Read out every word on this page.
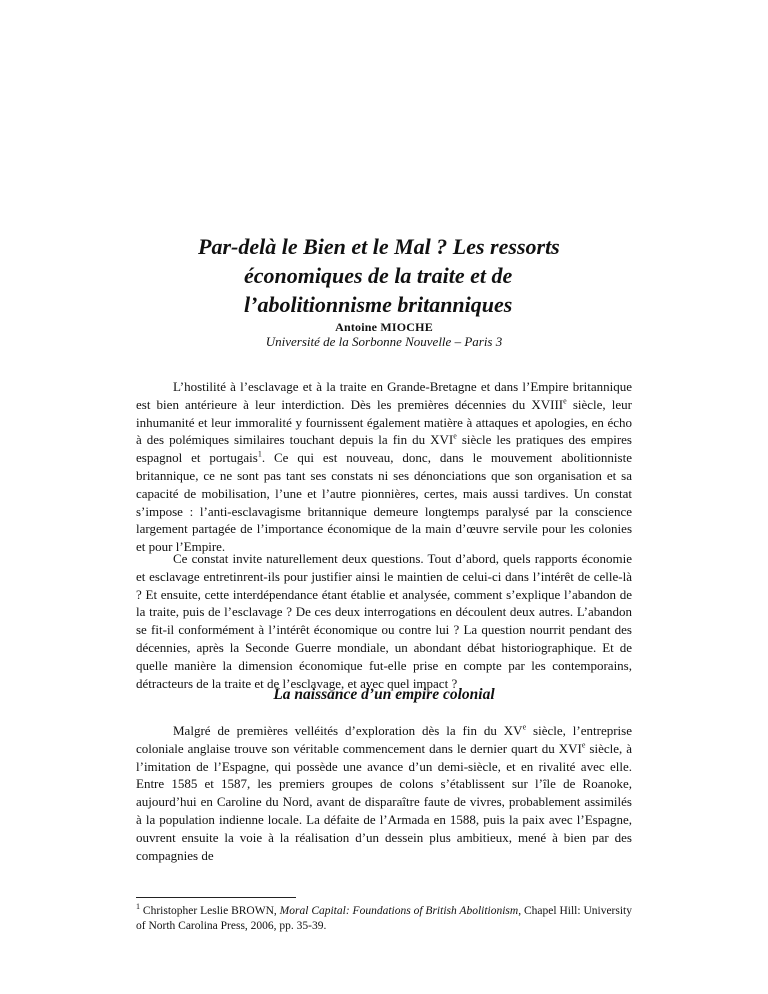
Par-delà le Bien et le Mal ? Les ressorts
économiques de la traite et de
l’abolitionnisme britanniques
Antoine MIOCHE
Université de la Sorbonne Nouvelle – Paris 3

L’hostilité à l’esclavage et à la traite en Grande-Bretagne et dans l’Empire britannique est bien antérieure à leur interdiction. Dès les premières décennies du XVIIIe siècle, leur inhumanité et leur immoralité y fournissent également matière à attaques et apologies, en écho à des polémiques similaires touchant depuis la fin du XVIe siècle les pratiques des empires espagnol et portugais$^1$. Ce qui est nouveau, donc, dans le mouvement abolitionniste britannique, ce ne sont pas tant ses constats ni ses dénonciations que son organisation et sa capacité de mobilisation, l’une et l’autre pionnières, certes, mais aussi tardives. Un constat s’impose : l’anti-esclavagisme britannique demeure longtemps paralysé par la conscience largement partagée de l’importance économique de la main d’œuvre servile pour les colonies et pour l’Empire.

Ce constat invite naturellement deux questions. Tout d’abord, quels rapports économie et esclavage entretinrent-ils pour justifier ainsi le maintien de celui-ci dans l’intérêt de celle-là ? Et ensuite, cette interdépendance étant établie et analysée, comment s’explique l’abandon de la traite, puis de l’esclavage ? De ces deux interrogations en découlent deux autres. L’abandon se fit-il conformément à l’intérêt économique ou contre lui ? La question nourrit pendant des décennies, après la Seconde Guerre mondiale, un abondant débat historiographique. Et de quelle manière la dimension économique fut-elle prise en compte par les contemporains, détracteurs de la traite et de l’esclavage, et avec quel impact ?

La naissance d’un empire colonial

Malgré de premières velléités d’exploration dès la fin du XVe siècle, l’entreprise coloniale anglaise trouve son véritable commencement dans le dernier quart du XVIe siècle, à l’imitation de l’Espagne, qui possède une avance d’un demi-siècle, et en rivalité avec elle. Entre 1585 et 1587, les premiers groupes de colons s’établissent sur l’île de Roanoke, aujourd’hui en Caroline du Nord, avant de disparaître faute de vivres, probablement assimilés à la population indienne locale. La défaite de l’Armada en 1588, puis la paix avec l’Espagne, ouvrent ensuite la voie à la réalisation d’un dessein plus ambitieux, mené à bien par des compagnies de

$^1$ Christopher Leslie BROWN, Moral Capital: Foundations of British Abolitionism, Chapel Hill: University of North Carolina Press, 2006, pp. 35-39.
